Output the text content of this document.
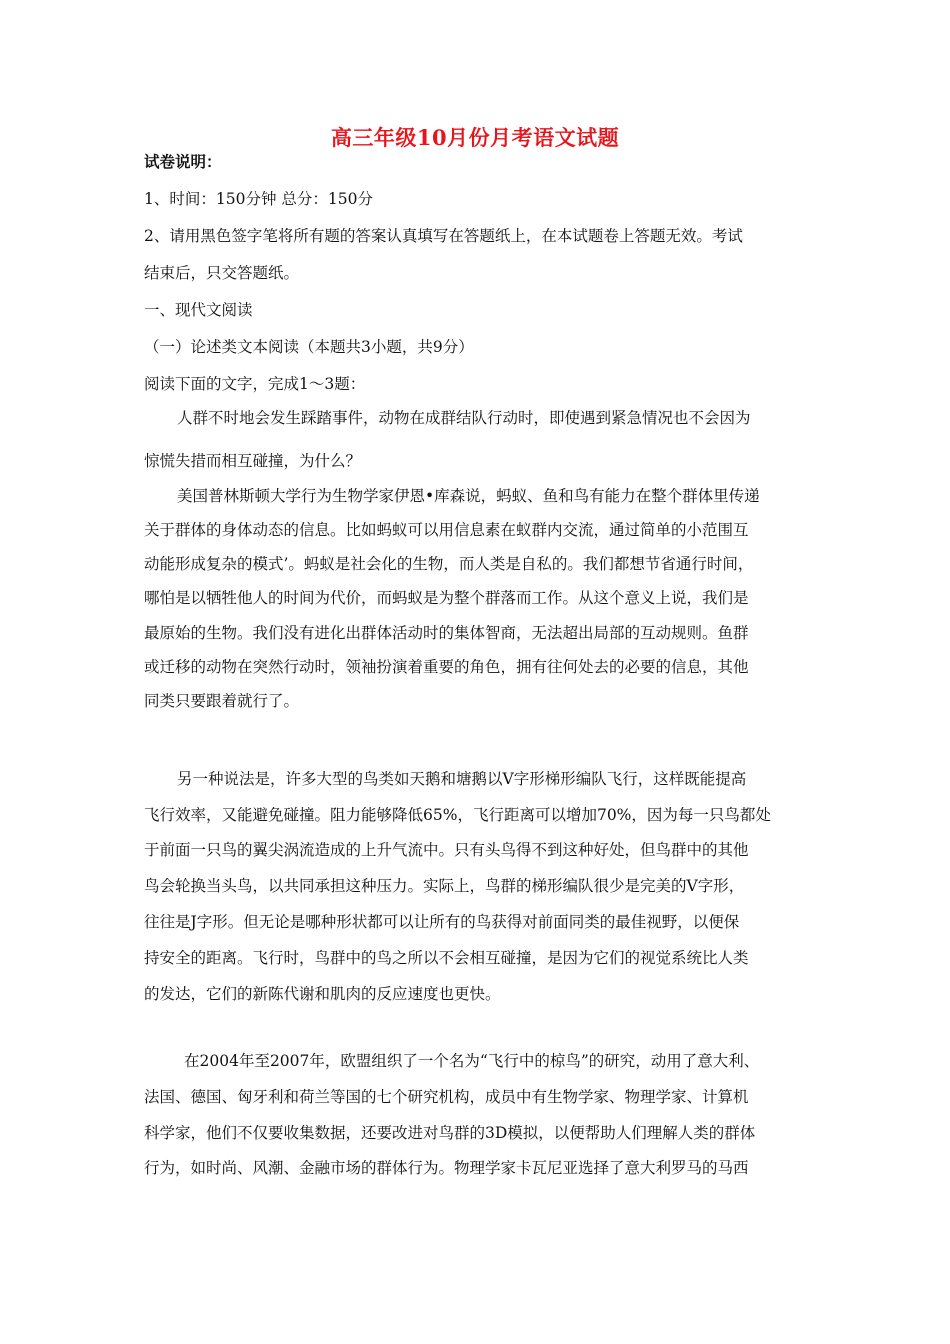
高三年级10月份月考语文试题
试卷说明：
1、时间：150分钟 总分：150分
2、请用黑色签字笔将所有题的答案认真填写在答题纸上，在本试题卷上答题无效。考试
结束后，只交答题纸。
一、现代文阅读
（一）论述类文本阅读（本题共3小题，共9分）
阅读下面的文字，完成1～3题：
人群不时地会发生踩踏事件，动物在成群结队行动时，即使遇到紧急情况也不会因为
惊慌失措而相互碰撞，为什么？
美国普林斯顿大学行为生物学家伊恩•库森说，蚂蚁、鱼和鸟有能力在整个群体里传递
关于群体的身体动态的信息。比如蚂蚁可以用信息素在蚁群内交流，通过简单的小范围互
动能形成复杂的模式’。蚂蚁是社会化的生物，而人类是自私的。我们都想节省通行时间，
哪怕是以牺牲他人的时间为代价，而蚂蚁是为整个群落而工作。从这个意义上说，我们是
最原始的生物。我们没有进化出群体活动时的集体智商，无法超出局部的互动规则。鱼群
或迁移的动物在突然行动时，领袖扮演着重要的角色，拥有往何处去的必要的信息，其他
同类只要跟着就行了。
另一种说法是，许多大型的鸟类如天鹅和塘鹅以V字形梯形编队飞行，这样既能提高
飞行效率，又能避免碰撞。阻力能够降低65%，飞行距离可以增加70%，因为每一只鸟都处
于前面一只鸟的翼尖涡流造成的上升气流中。只有头鸟得不到这种好处，但鸟群中的其他
鸟会轮换当头鸟，以共同承担这种压力。实际上，鸟群的梯形编队很少是完美的V字形，
往往是J字形。但无论是哪种形状都可以让所有的鸟获得对前面同类的最佳视野，以便保
持安全的距离。飞行时，鸟群中的鸟之所以不会相互碰撞，是因为它们的视觉系统比人类
的发达，它们的新陈代谢和肌肉的反应速度也更快。
在2004年至2007年，欧盟组织了一个名为“飞行中的椋鸟”的研究，动用了意大利、
法国、德国、匈牙利和荷兰等国的七个研究机构，成员中有生物学家、物理学家、计算机
科学家，他们不仅要收集数据，还要改进对鸟群的3D模拟，以便帮助人们理解人类的群体
行为，如时尚、风潮、金融市场的群体行为。物理学家卡瓦尼亚选择了意大利罗马的马西
